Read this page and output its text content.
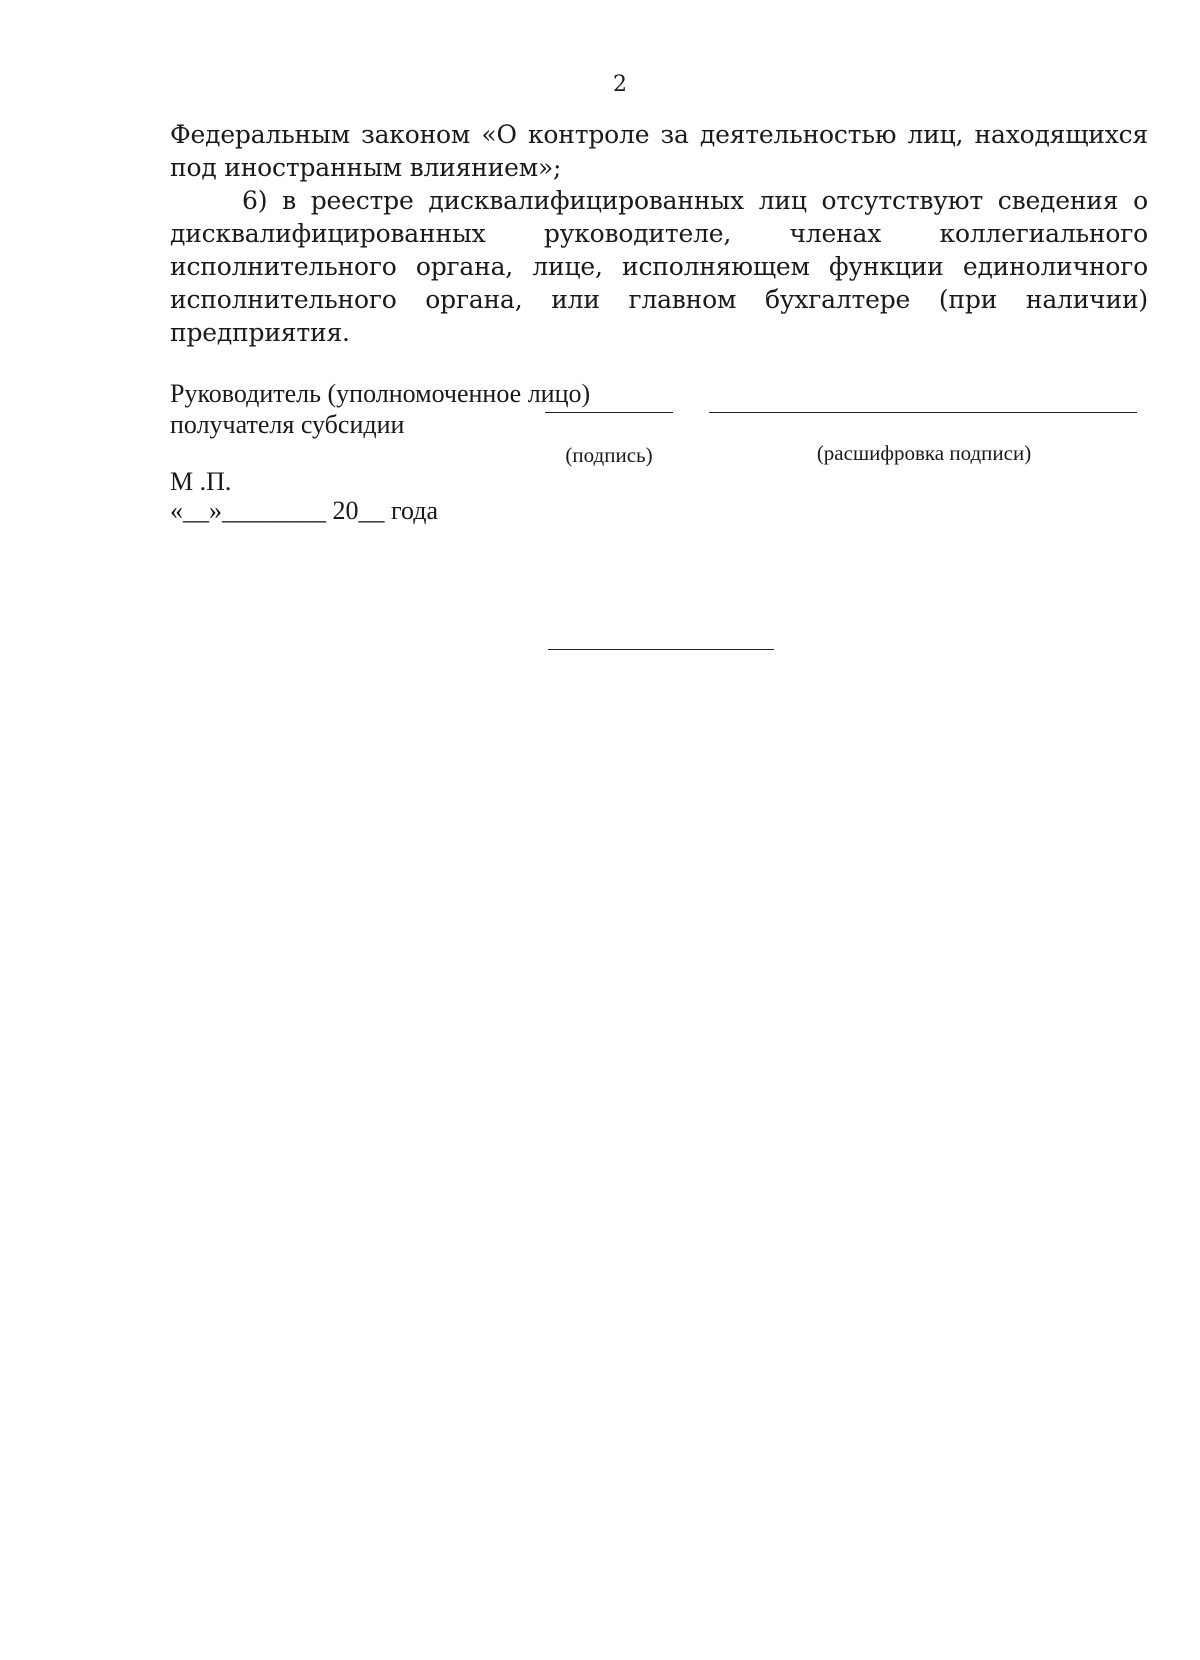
2

Федеральным законом «О контроле за деятельностью лиц, находящихся под иностранным влиянием»;

6) в реестре дисквалифицированных лиц отсутствуют сведения о дисквалифицированных руководителе, членах коллегиального исполнительного органа, лице, исполняющем функции единоличного исполнительного органа, или главном бухгалтере (при наличии) предприятия.

Руководитель (уполномоченное лицо)
получателя субсидии
(подпись)	(расшифровка подписи)
М .П.
«__»________ 20__ года
